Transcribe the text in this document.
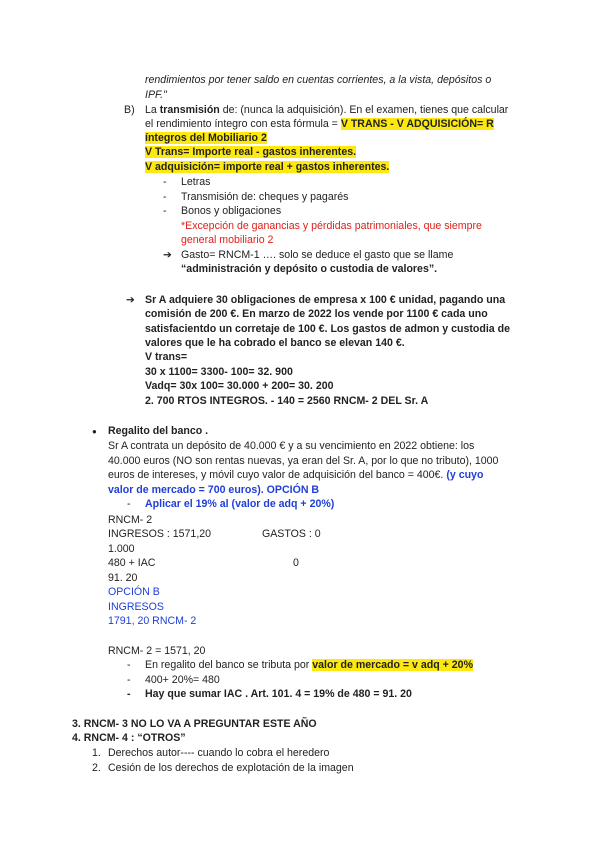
rendimientos por tener saldo en cuentas corrientes, a la vista, depósitos o
IPF."
B) La transmisión de: (nunca la adquisición). En el examen, tienes que calcular
el rendimiento íntegro con esta fórmula = V TRANS - V ADQUISICIÓN= R
íntegros del Mobiliario 2
V Trans= Importe real - gastos inherentes.
V adquisición= importe real + gastos inherentes.
- Letras
- Transmisión de: cheques y pagarés
- Bonos y obligaciones
*Excepción de ganancias y pérdidas patrimoniales, que siempre
general mobiliario 2
➔ Gasto= RNCM-1 …. solo se deduce el gasto que se llame
“administración y depósito o custodia de valores”.
➔ Sr A adquiere 30 obligaciones de empresa x 100 € unidad, pagando una
comisión de 200 €. En marzo de 2022 los vende por 1100 € cada uno
satisfacientdo un corretaje de 100 €. Los gastos de admon y custodia de
valores que le ha cobrado el banco se elevan 140 €.
V trans=
30 x 1100= 3300- 100= 32. 900
Vadq= 30x 100= 30.000 + 200= 30. 200
2. 700 RTOS INTEGROS. - 140 = 2560 RNCM- 2 DEL Sr. A
● Regalito del banco .
Sr A contrata un depósito de 40.000 € y a su vencimiento en 2022 obtiene: los
40.000 euros (NO son rentas nuevas, ya eran del Sr. A, por lo que no tributo), 1000
euros de intereses, y móvil cuyo valor de adquisición del banco = 400€. (y cuyo
valor de mercado = 700 euros). OPCIÓN B
- Aplicar el 19% al (valor de adq + 20%)
RNCM- 2
INGRESOS : 1571,20	GASTOS : 0
1.000
480 + IAC	0
91. 20
OPCIÓN B
INGRESOS
1791, 20 RNCM- 2
RNCM- 2 = 1571, 20
- En regalito del banco se tributa por valor de mercado = v adq + 20%
- 400+ 20%= 480
- Hay que sumar IAC . Art. 101. 4 = 19% de 480 = 91. 20
3. RNCM- 3 NO LO VA A PREGUNTAR ESTE AÑO
4. RNCM- 4 : “OTROS”
1. Derechos autor---- cuando lo cobra el heredero
2. Cesión de los derechos de explotación de la imagen
